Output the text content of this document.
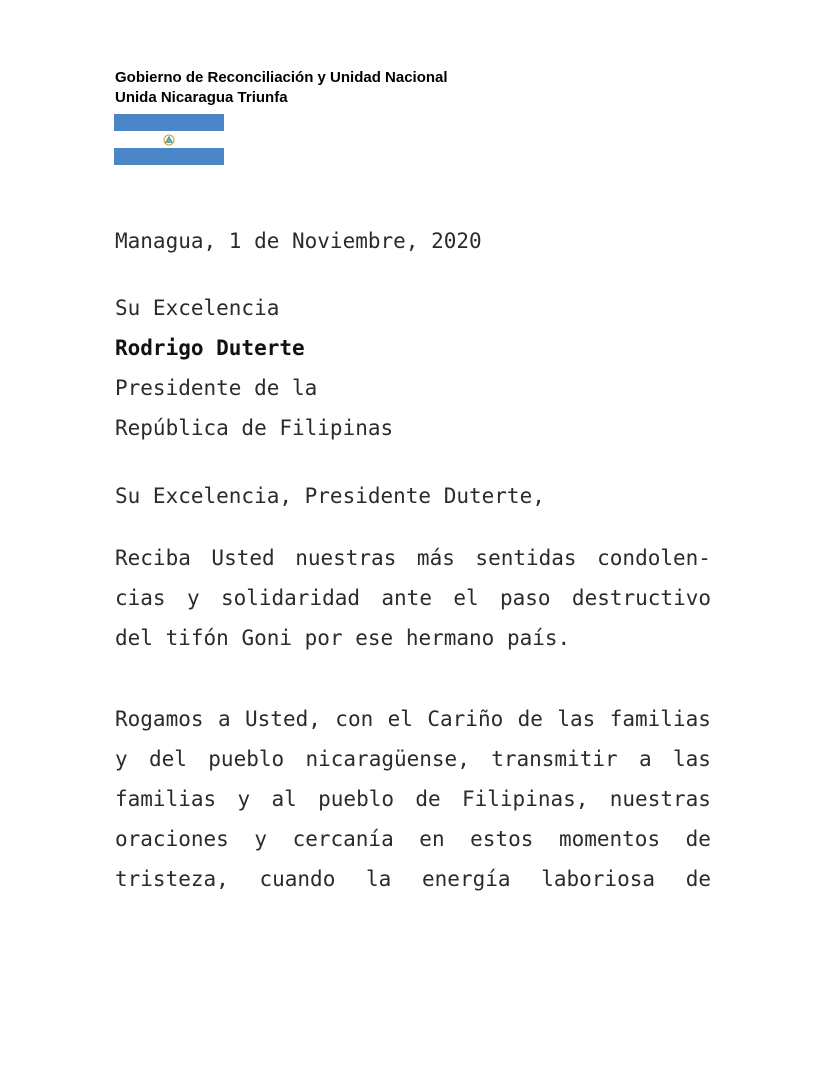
Gobierno de Reconciliación y Unidad Nacional
Unida Nicaragua Triunfa
Managua, 1 de Noviembre, 2020
Su Excelencia
Rodrigo Duterte
Presidente de la
República de Filipinas
Su Excelencia, Presidente Duterte,
Reciba Usted nuestras más sentidas condolen-
cias y solidaridad ante el paso destructivo
del tifón Goni por ese hermano país.
Rogamos a Usted, con el Cariño de las familias
y del pueblo nicaragüense, transmitir a las
familias y al pueblo de Filipinas, nuestras
oraciones y cercanía en estos momentos de
tristeza, cuando la energía laboriosa de
